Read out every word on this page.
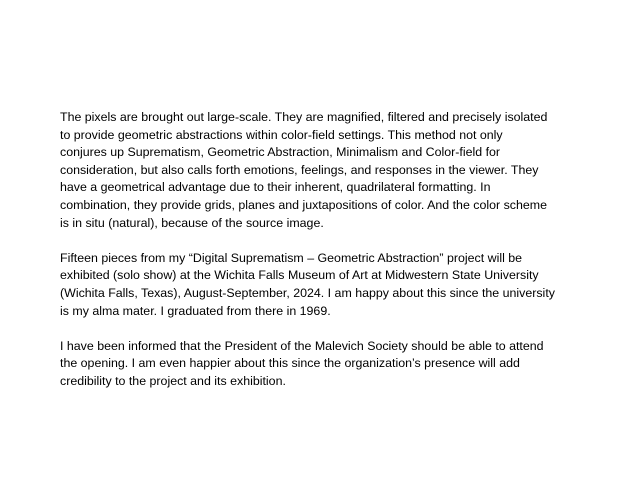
The pixels are brought out large-scale. They are magnified, filtered and precisely isolated
to provide geometric abstractions within color-field settings. This method not only
conjures up Suprematism, Geometric Abstraction, Minimalism and Color-field for
consideration, but also calls forth emotions, feelings, and responses in the viewer. They
have a geometrical advantage due to their inherent, quadrilateral formatting. In
combination, they provide grids, planes and juxtapositions of color. And the color scheme
is in situ (natural), because of the source image.

Fifteen pieces from my “Digital Suprematism – Geometric Abstraction” project will be
exhibited (solo show) at the Wichita Falls Museum of Art at Midwestern State University
(Wichita Falls, Texas), August-September, 2024. I am happy about this since the university
is my alma mater. I graduated from there in 1969.

I have been informed that the President of the Malevich Society should be able to attend
the opening. I am even happier about this since the organization’s presence will add
credibility to the project and its exhibition.
